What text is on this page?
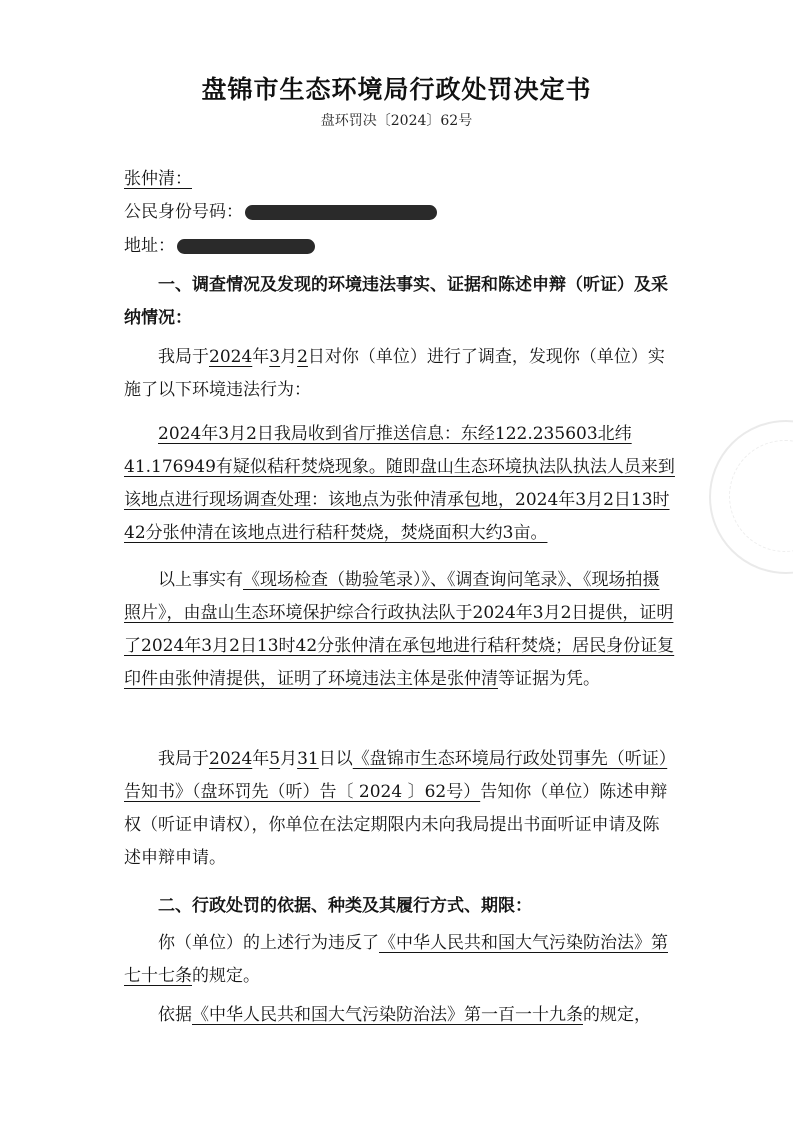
盘锦市生态环境局行政处罚决定书
盘环罚决〔2024〕62号
张仲清：
公民身份号码：
地址：
一、调查情况及发现的环境违法事实、证据和陈述申辩（听证）及采纳情况：
我局于2024年3月2日对你（单位）进行了调查，发现你（单位）实施了以下环境违法行为：
2024年3月2日我局收到省厅推送信息：东经122.235603北纬41.176949有疑似秸秆焚烧现象。随即盘山生态环境执法队执法人员来到该地点进行现场调查处理：该地点为张仲清承包地，2024年3月2日13时42分张仲清在该地点进行秸秆焚烧，焚烧面积大约3亩。
以上事实有《现场检查（勘验笔录）》、《调查询问笔录》、《现场拍摄照片》，由盘山生态环境保护综合行政执法队于2024年3月2日提供，证明了2024年3月2日13时42分张仲清在承包地进行秸秆焚烧；居民身份证复印件由张仲清提供，证明了环境违法主体是张仲清等证据为凭。
我局于2024年5月31日以《盘锦市生态环境局行政处罚事先（听证）告知书》（盘环罚先（听）告〔 2024 〕62号）告知你（单位）陈述申辩权（听证申请权），你单位在法定期限内未向我局提出书面听证申请及陈述申辩申请。
二、行政处罚的依据、种类及其履行方式、期限：
你（单位）的上述行为违反了《中华人民共和国大气污染防治法》第七十七条的规定。
依据《中华人民共和国大气污染防治法》第一百一十九条的规定，
